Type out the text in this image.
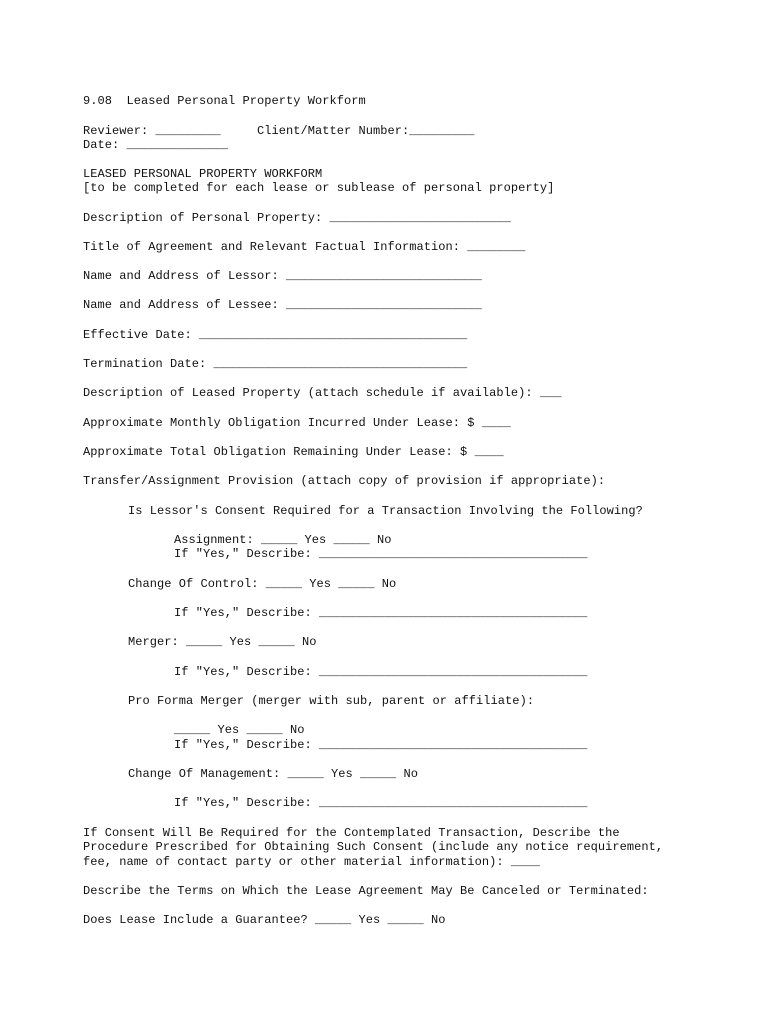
9.08  Leased Personal Property Workform
Reviewer: _________     Client/Matter Number:_________
Date: ______________
LEASED PERSONAL PROPERTY WORKFORM
[to be completed for each lease or sublease of personal property]
Description of Personal Property: _________________________
Title of Agreement and Relevant Factual Information: ________
Name and Address of Lessor: ___________________________
Name and Address of Lessee: ___________________________
Effective Date: _____________________________________
Termination Date: ___________________________________
Description of Leased Property (attach schedule if available): ___
Approximate Monthly Obligation Incurred Under Lease: $ ____
Approximate Total Obligation Remaining Under Lease: $ ____
Transfer/Assignment Provision (attach copy of provision if appropriate):
Is Lessor's Consent Required for a Transaction Involving the Following?
Assignment: _____ Yes _____ No
If "Yes," Describe: _____________________________________
Change Of Control: _____ Yes _____ No
If "Yes," Describe: _____________________________________
Merger: _____ Yes _____ No
If "Yes," Describe: _____________________________________
Pro Forma Merger (merger with sub, parent or affiliate):
_____ Yes _____ No
If "Yes," Describe: _____________________________________
Change Of Management: _____ Yes _____ No
If "Yes," Describe: _____________________________________
If Consent Will Be Required for the Contemplated Transaction, Describe the
Procedure Prescribed for Obtaining Such Consent (include any notice requirement,
fee, name of contact party or other material information): ____
Describe the Terms on Which the Lease Agreement May Be Canceled or Terminated:
Does Lease Include a Guarantee? _____ Yes _____ No
